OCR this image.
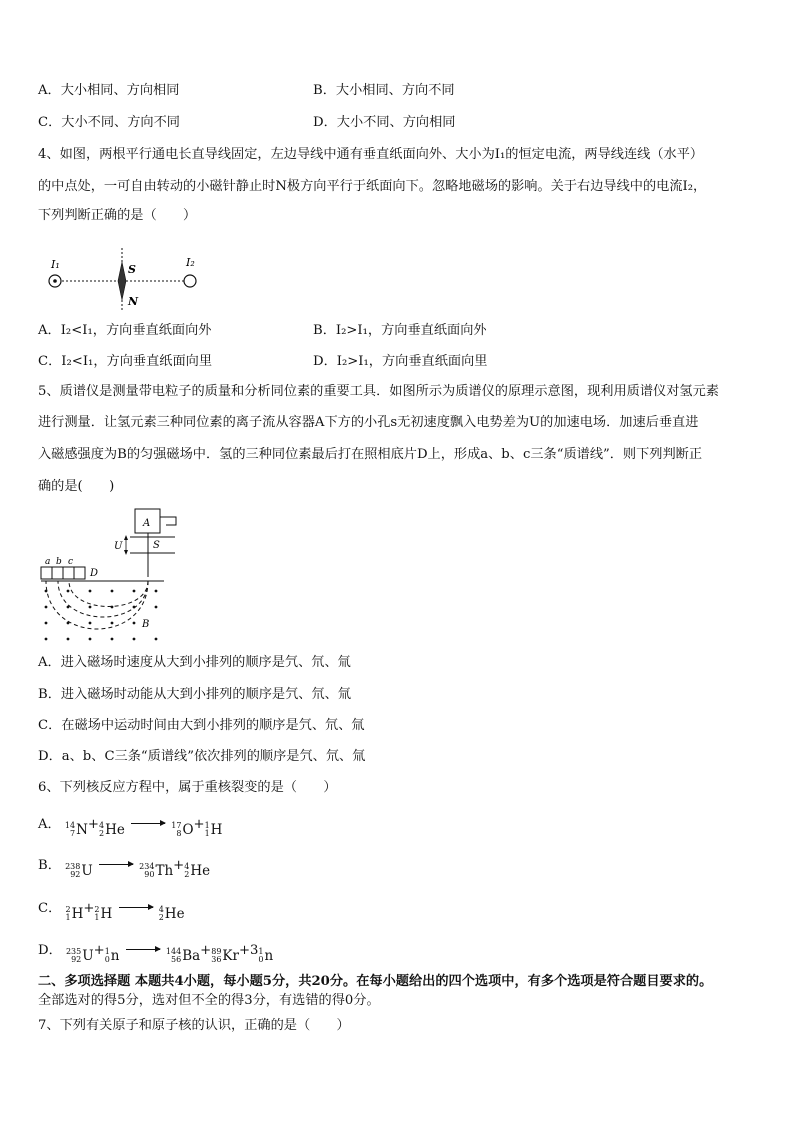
A．大小相同、方向相同	B．大小相同、方向不同
C．大小不同、方向不同	D．大小不同、方向相同
4、如图，两根平行通电长直导线固定，左边导线中通有垂直纸面向外、大小为I₁的恒定电流，两导线连线（水平）
的中点处，一可自由转动的小磁针静止时N极方向平行于纸面向下。忽略地磁场的影响。关于右边导线中的电流I₂，
下列判断正确的是（　　）
I₁	S
N
I₂
A．I₂<I₁，方向垂直纸面向外	B．I₂>I₁，方向垂直纸面向外
C．I₂<I₁，方向垂直纸面向里	D．I₂>I₁，方向垂直纸面向里
5、质谱仪是测量带电粒子的质量和分析同位素的重要工具．如图所示为质谱仪的原理示意图，现利用质谱仪对氢元素
进行测量．让氢元素三种同位素的离子流从容器A下方的小孔s无初速度飘入电势差为U的加速电场．加速后垂直进
入磁感强度为B的匀强磁场中．氢的三种同位素最后打在照相底片D上，形成a、b、c三条“质谱线”．则下列判断正
确的是(　　)
A
U	S
a b c
D
B
A．进入磁场时速度从大到小排列的顺序是氕、氘、氚
B．进入磁场时动能从大到小排列的顺序是氕、氘、氚
C．在磁场中运动时间由大到小排列的顺序是氕、氘、氚
D．a、b、C三条“质谱线”依次排列的顺序是氕、氘、氚
6、下列核反应方程中，属于重核裂变的是（　　）
A． 14
7 N + 4
2 He → 17
8 O + 1
1 H
B． 238
92 U → 234
90 Th + 4
2 He
C． 2
1 H + 2
1 H → 4
2 He
D． 235
92 U + 1
0 n → 144
56 Ba + 89
36 Kr +3 1
0 n
二、多项选择题 本题共4小题，每小题5分，共20分。在每小题给出的四个选项中，有多个选项是符合题目要求的。
全部选对的得5分，选对但不全的得3分，有选错的得0分。
7、下列有关原子和原子核的认识，正确的是（　　）
